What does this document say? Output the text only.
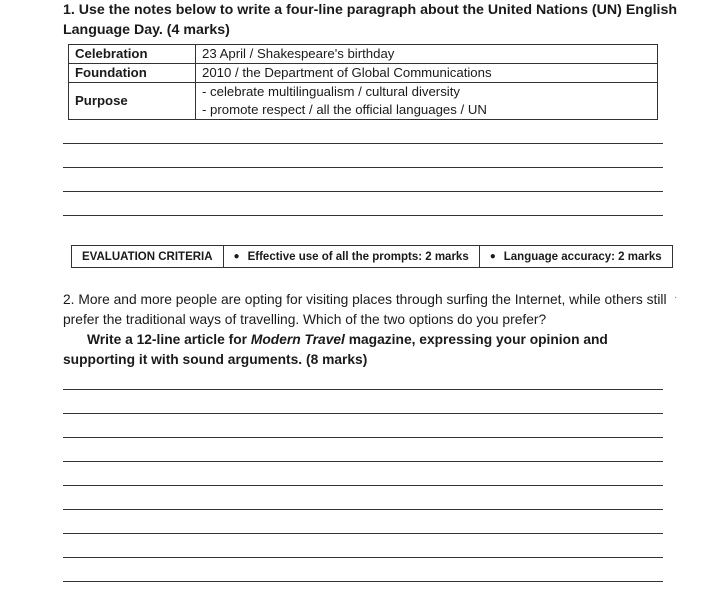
1. Use the notes below to write a four-line paragraph about the United Nations (UN) English Language Day. (4 marks)
Celebration	23 April / Shakespeare's birthday
Foundation	2010 / the Department of Global Communications
Purpose	- celebrate multilingualism / cultural diversity
- promote respect / all the official languages / UN
EVALUATION CRITERIA	● Effective use of all the prompts: 2 marks ● Language accuracy: 2 marks
2. More and more people are opting for visiting places through surfing the Internet, while others still prefer the traditional ways of travelling. Which of the two options do you prefer?
·
Write a 12-line article for Modern Travel magazine, expressing your opinion and supporting it with sound arguments. (8 marks)
